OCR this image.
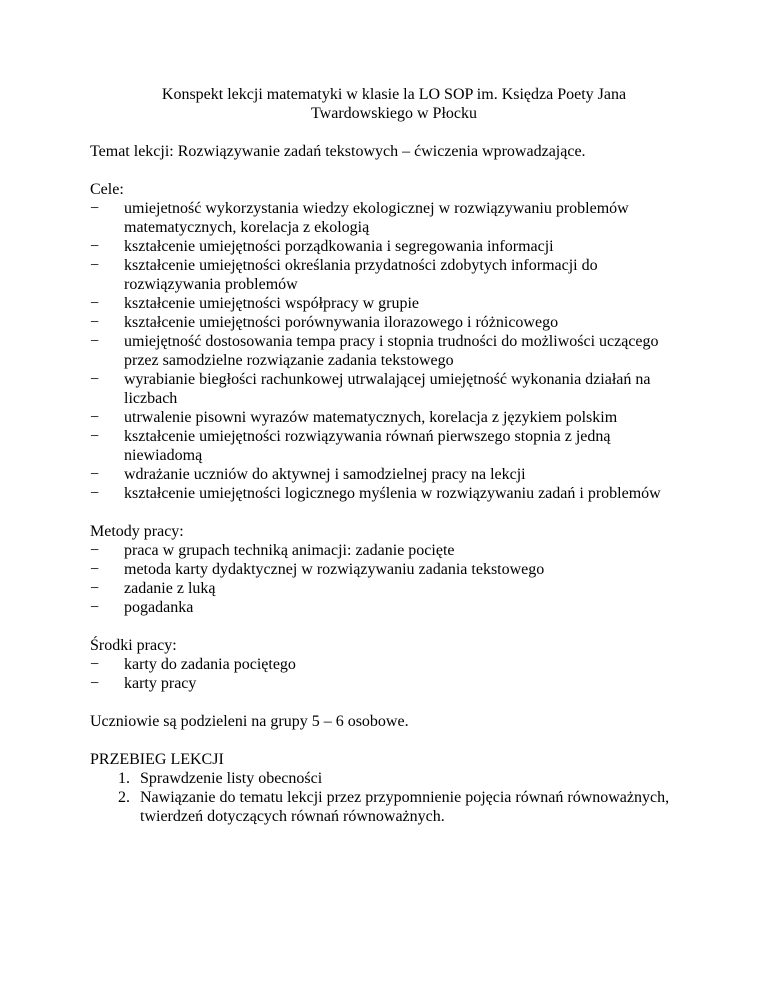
Konspekt lekcji matematyki w klasie la LO SOP im. Księdza Poety Jana
Twardowskiego w Płocku

Temat lekcji: Rozwiązywanie zadań tekstowych – ćwiczenia wprowadzające.

Cele:

− umiejetność wykorzystania wiedzy ekologicznej w rozwiązywaniu problemów matematycznych, korelacja z ekologią
− kształcenie umiejętności porządkowania i segregowania informacji
− kształcenie umiejętności określania przydatności zdobytych informacji do rozwiązywania problemów
− kształcenie umiejętności współpracy w grupie
− kształcenie umiejętności porównywania ilorazowego i różnicowego
− umiejętność dostosowania tempa pracy i stopnia trudności do możliwości uczącego przez samodzielne rozwiązanie zadania tekstowego
− wyrabianie biegłości rachunkowej utrwalającej umiejętność wykonania działań na liczbach
− utrwalenie pisowni wyrazów matematycznych, korelacja z językiem polskim
− kształcenie umiejętności rozwiązywania równań pierwszego stopnia z jedną niewiadomą
− wdrażanie uczniów do aktywnej i samodzielnej pracy na lekcji
− kształcenie umiejętności logicznego myślenia w rozwiązywaniu zadań i problemów

Metody pracy:

− praca w grupach techniką animacji: zadanie pocięte
− metoda karty dydaktycznej w rozwiązywaniu zadania tekstowego
− zadanie z luką
− pogadanka

Środki pracy:

− karty do zadania pociętego
− karty pracy

Uczniowie są podzieleni na grupy 5 – 6 osobowe.

PRZEBIEG LEKCJI

1. Sprawdzenie listy obecności
2. Nawiązanie do tematu lekcji przez przypomnienie pojęcia równań równoważnych, twierdzeń dotyczących równań równoważnych.
